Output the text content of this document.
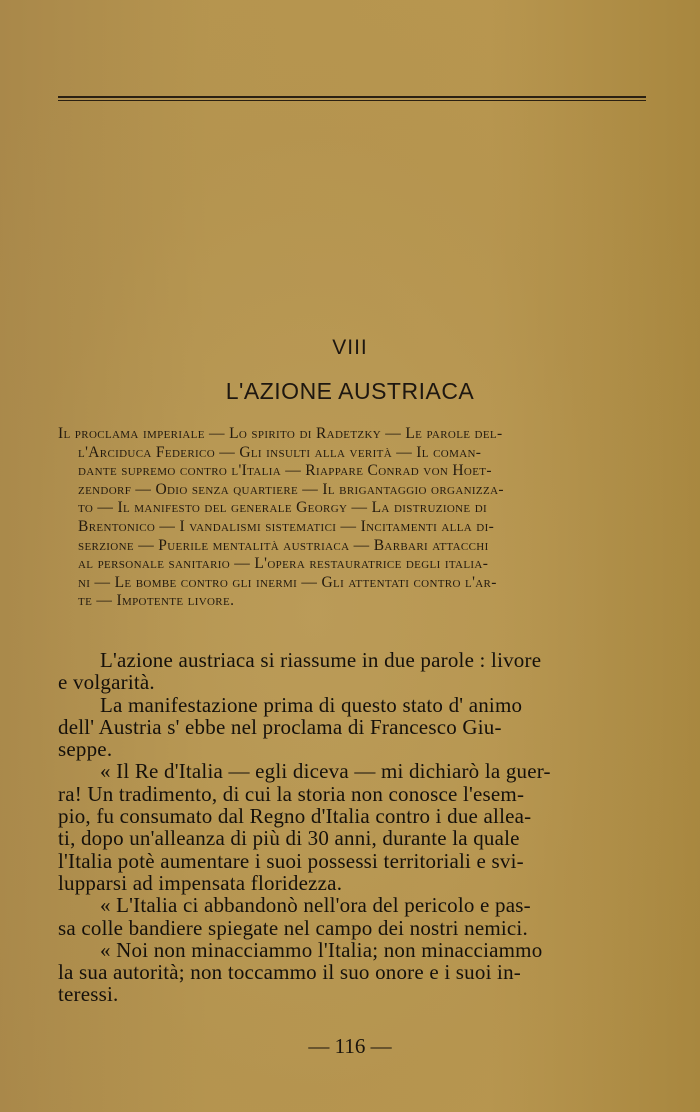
VIII
L'AZIONE AUSTRIACA
Il proclama imperiale — Lo spirito di Radetzky — Le parole del-
l'Arciduca Federico — Gli insulti alla verità — Il coman-
dante supremo contro l'Italia — Riappare Conrad von Hoet-
zendorf — Odio senza quartiere — Il brigantaggio organizza-
to — Il manifesto del generale Georgy — La distruzione di
Brentonico — I vandalismi sistematici — Incitamenti alla di-
serzione — Puerile mentalità austriaca — Barbari attacchi
al personale sanitario — L'opera restauratrice degli italia-
ni — Le bombe contro gli inermi — Gli attentati contro l'ar-
te — Impotente livore.
L'azione austriaca si riassume in due parole : livore
e volgarità.
La manifestazione prima di questo stato d' animo
dell' Austria s' ebbe nel proclama di Francesco Giu-
seppe.
« Il Re d'Italia — egli diceva — mi dichiarò la guer-
ra! Un tradimento, di cui la storia non conosce l'esem-
pio, fu consumato dal Regno d'Italia contro i due allea-
ti, dopo un'alleanza di più di 30 anni, durante la quale
l'Italia potè aumentare i suoi possessi territoriali e svi-
lupparsi ad impensata floridezza.
« L'Italia ci abbandonò nell'ora del pericolo e pas-
sa colle bandiere spiegate nel campo dei nostri nemici.
« Noi non minacciammo l'Italia; non minacciammo
la sua autorità; non toccammo il suo onore e i suoi in-
teressi.
— 116 —
